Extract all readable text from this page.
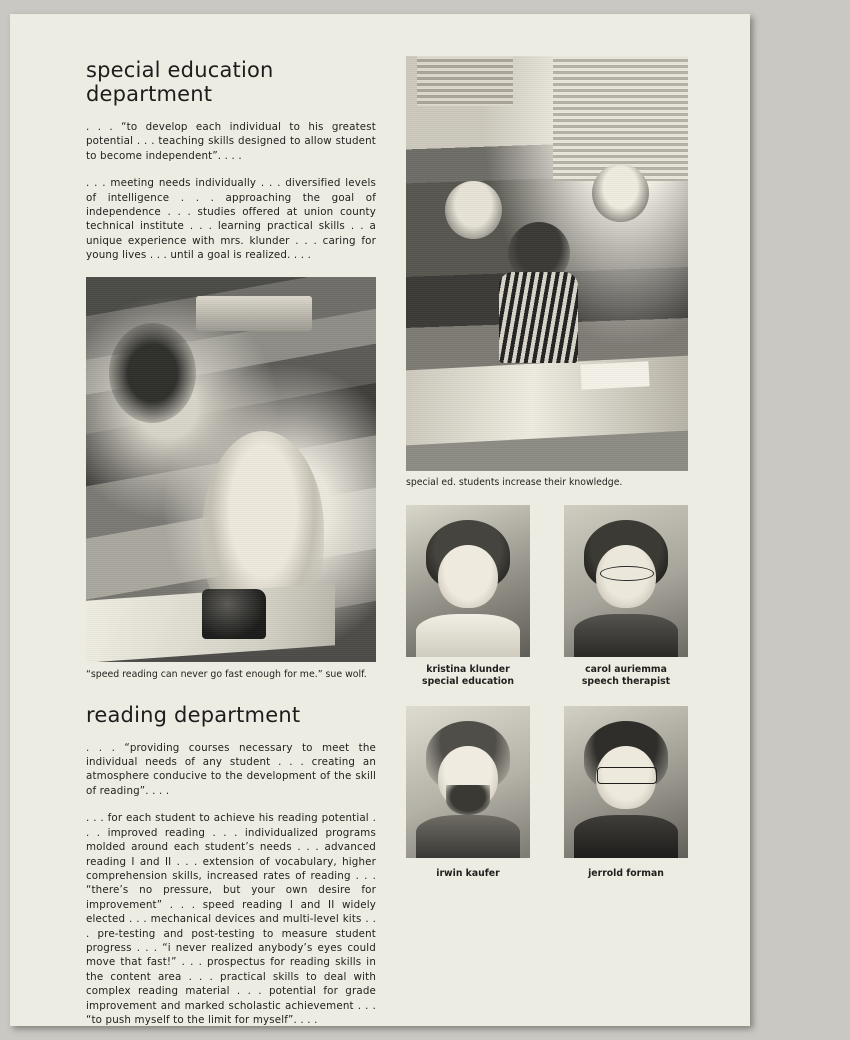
special education department

. . . “to develop each individual to his greatest potential . . . teaching skills designed to allow student to become independent”. . . .

. . . meeting needs individually . . . diversified levels of intelligence . . . approaching the goal of independence . . . studies offered at union county technical institute . . . learning practical skills . . a unique experience with mrs. klunder . . . caring for young lives . . . until a goal is realized. . . .

“speed reading can never go fast enough for me.” sue wolf.
reading department

. . . “providing courses necessary to meet the individual needs of any student . . . creating an atmosphere conducive to the development of the skill of reading”. . . .

. . . for each student to achieve his reading potential . . . improved reading . . . individualized programs molded around each student’s needs . . . advanced reading I and II . . . extension of vocabulary, higher comprehension skills, increased rates of reading . . . “there’s no pressure, but your own desire for improvement” . . . speed reading I and II widely elected . . . mechanical devices and multi-level kits . . . pre-testing and post-testing to measure student progress . . . “i never realized anybody’s eyes could move that fast!” . . . prospectus for reading skills in the content area . . . practical skills to deal with complex reading material . . . potential for grade improvement and marked scholastic achievement . . . “to push myself to the limit for myself”. . . .

special ed. students increase their knowledge.
kristina klunder
special education
carol auriemma
speech therapist
irwin kaufer	jerrold forman
